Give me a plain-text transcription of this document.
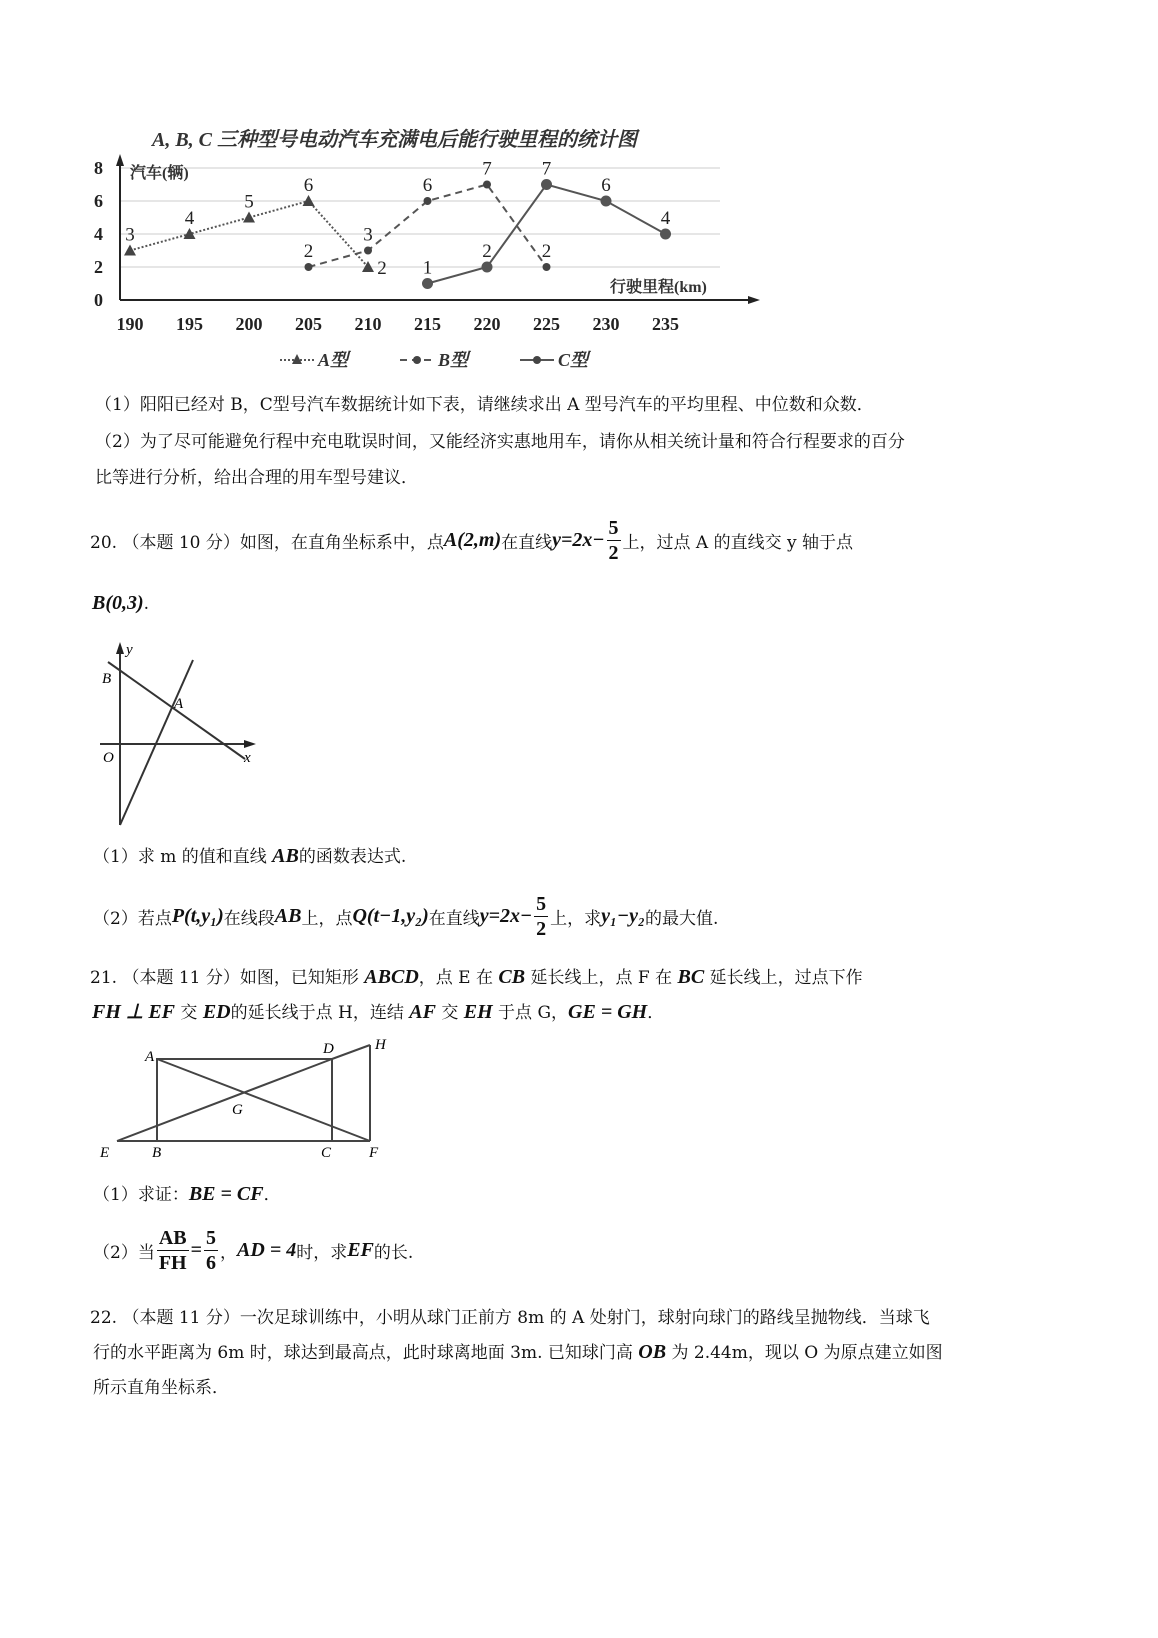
A, B, C 三种型号电动汽车充满电后能行驶里程的统计图
汽车(辆)
行驶里程(km)
0
2
4
6
8
190 195 200 205 210 215 220 225 230 235
3
4
5
6
2
2
3
6
7
2
1
2
7
6
4
A型	B型	C型
（1）阳阳已经对 B，C型号汽车数据统计如下表，请继续求出 A 型号汽车的平均里程、中位数和众数．
（2）为了尽可能避免行程中充电耽误时间，又能经济实惠地用车，请你从相关统计量和符合行程要求的百分
比等进行分析，给出合理的用车型号建议．
20. （本题 10 分）如图，在直角坐标系中，点 A(2,m) 在直线 $y=2x- \frac{5}{2}$ 上，过点 A 的直线交 y 轴于点
B(0,3).
y
B
A
O	x
（1）求 m 的值和直线 AB的函数表达式.
（2）若点 P(t,y₁) 在线段 AB 上，点 Q(t−1,y₂) 在直线 $y=2x- \frac{5}{2}$ 上，求 y₁−y₂ 的最大值.
21. （本题 11 分）如图，已知矩形 ABCD，点 E 在 CB 延长线上，点 F 在 BC 延长线上，过点下作
FH ⊥ EF 交 ED的延长线于点 H，连结 AF 交 EH 于点 G，GE = GH．
A	D	H
G
E	B	C	F
（1）求证：BE = CF．
（2）当 $\frac{AB}{FH} = \frac{5}{6}$ ， AD = 4 时，求 EF 的长.
22. （本题 11 分）一次足球训练中，小明从球门正前方 8m 的 A 处射门，球射向球门的路线呈抛物线．当球飞
行的水平距离为 6m 时，球达到最高点，此时球离地面 3m. 已知球门高 OB 为 2.44m，现以 O 为原点建立如图
所示直角坐标系．
